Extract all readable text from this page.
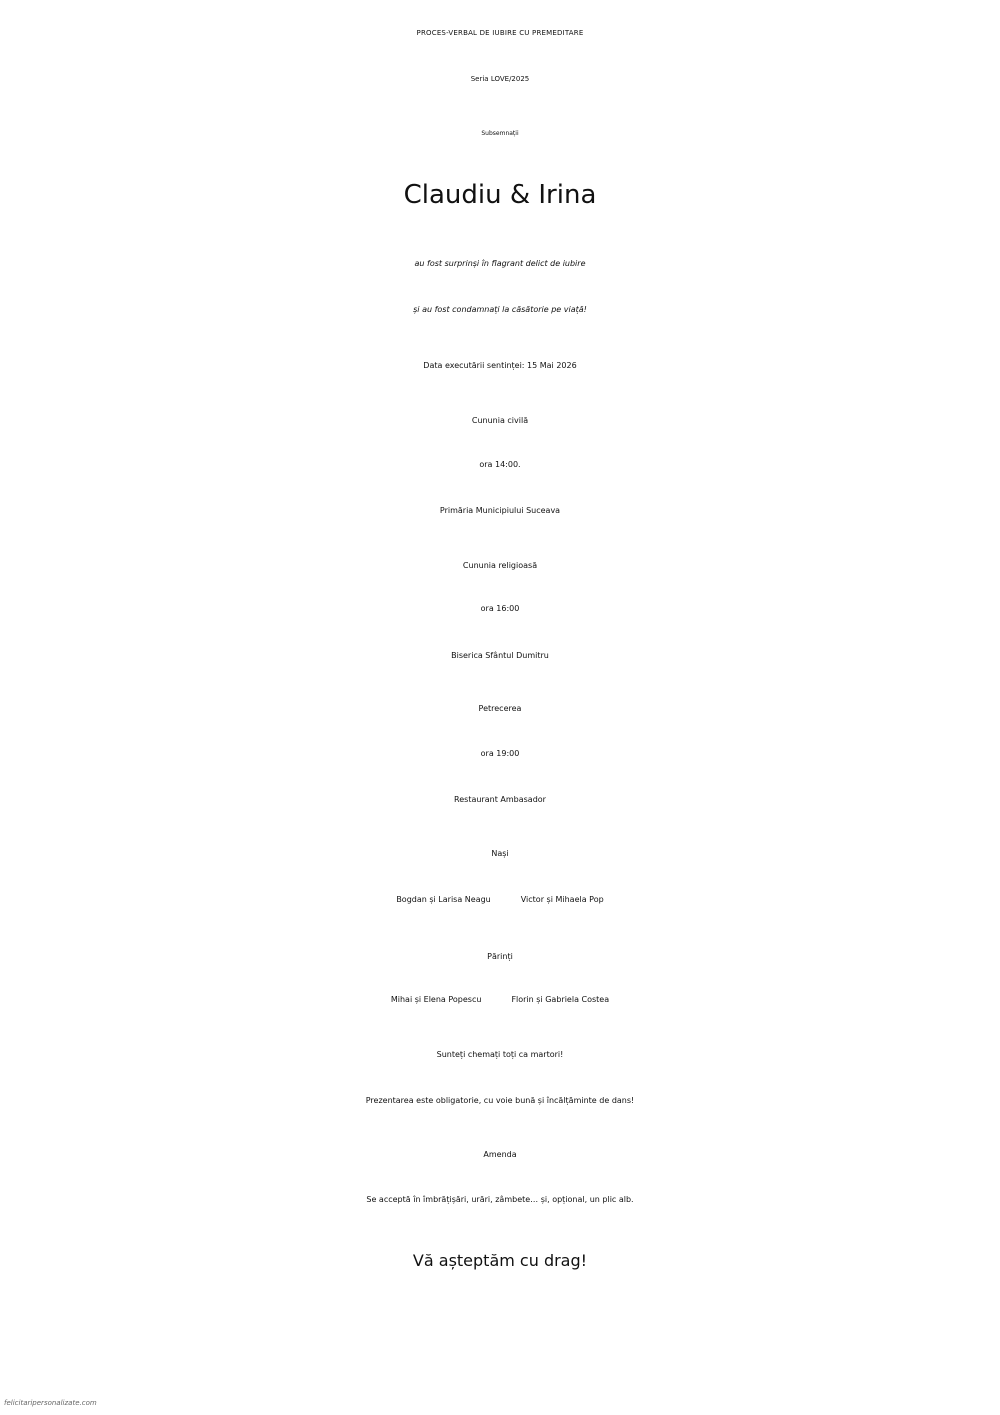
PROCES-VERBAL DE IUBIRE CU PREMEDITARE
Seria LOVE/2025
Subsemnații
Claudiu & Irina
au fost surprinși în flagrant delict de iubire
și au fost condamnați la căsătorie pe viață!
Data executării sentinței: 15 Mai 2026
Cununia civilă
ora 14:00.
Primăria Municipiului Suceava
Cununia religioasă
ora 16:00
Biserica Sfântul Dumitru
Petrecerea
ora 19:00
Restaurant Ambasador
Nași
Bogdan și Larisa Neagu	Victor și Mihaela Pop
Părinți
Mihai și Elena Popescu	Florin și Gabriela Costea
Sunteți chemați toți ca martori!
Prezentarea este obligatorie, cu voie bună și încălțăminte de dans!
Amenda
Se acceptă în îmbrățișări, urări, zâmbete… și, opțional, un plic alb.
Vă așteptăm cu drag!
felicitaripersonalizate.com
